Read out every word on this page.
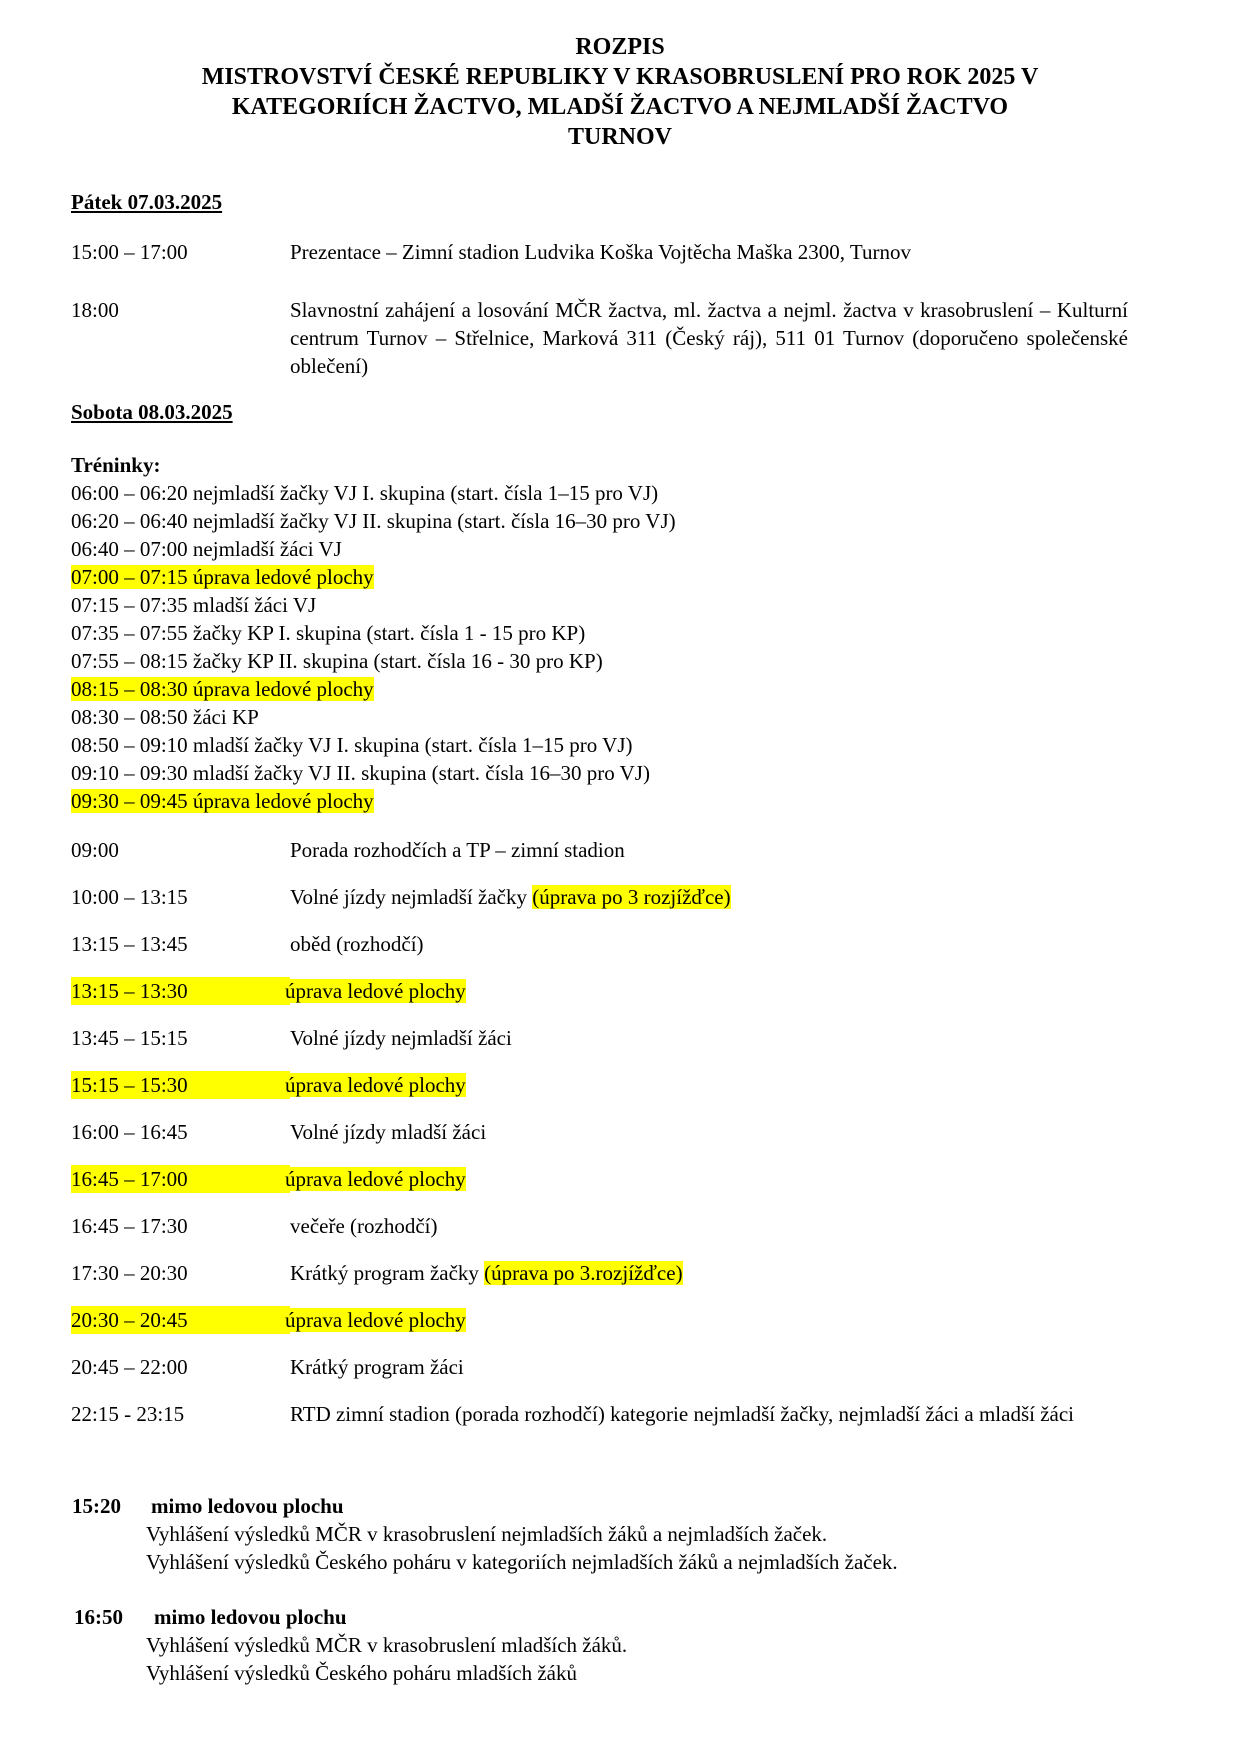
ROZPIS
MISTROVSTVÍ ČESKÉ REPUBLIKY V KRASOBRUSLENÍ PRO ROK 2025 V
KATEGORIÍCH ŽACTVO, MLADŠÍ ŽACTVO A NEJMLADŠÍ ŽACTVO
TURNOV
Pátek 07.03.2025
15:00 – 17:00	Prezentace – Zimní stadion Ludvika Koška Vojtěcha Maška 2300, Turnov
18:00	Slavnostní zahájení a losování MČR žactva, ml. žactva a nejml. žactva v krasobruslení – Kulturní centrum Turnov – Střelnice, Marková 311 (Český ráj), 511 01 Turnov (doporučeno společenské oblečení)
Sobota 08.03.2025
Tréninky:
06:00 – 06:20 nejmladší žačky VJ I. skupina (start. čísla 1–15 pro VJ)
06:20 – 06:40 nejmladší žačky VJ II. skupina (start. čísla 16–30 pro VJ)
06:40 – 07:00 nejmladší žáci VJ
07:00 – 07:15 úprava ledové plochy
07:15 – 07:35 mladší žáci VJ
07:35 – 07:55 žačky KP I. skupina (start. čísla 1 - 15 pro KP)
07:55 – 08:15 žačky KP II. skupina (start. čísla 16 - 30 pro KP)
08:15 – 08:30 úprava ledové plochy
08:30 – 08:50 žáci KP
08:50 – 09:10 mladší žačky VJ I. skupina (start. čísla 1–15 pro VJ)
09:10 – 09:30 mladší žačky VJ II. skupina (start. čísla 16–30 pro VJ)
09:30 – 09:45 úprava ledové plochy
09:00	Porada rozhodčích a TP – zimní stadion
10:00 – 13:15	Volné jízdy nejmladší žačky (úprava po 3 rozjížďce)
13:15 – 13:45	oběd (rozhodčí)
13:15 – 13:30	úprava ledové plochy
13:45 – 15:15	Volné jízdy nejmladší žáci
15:15 – 15:30	úprava ledové plochy
16:00 – 16:45	Volné jízdy mladší žáci
16:45 – 17:00	úprava ledové plochy
16:45 – 17:30	večeře (rozhodčí)
17:30 – 20:30	Krátký program žačky (úprava po 3.rozjížďce)
20:30 – 20:45	úprava ledové plochy
20:45 – 22:00	Krátký program žáci
22:15 - 23:15	RTD zimní stadion (porada rozhodčí) kategorie nejmladší žačky, nejmladší žáci a mladší žáci
15:20 mimo ledovou plochu
Vyhlášení výsledků MČR v krasobruslení nejmladších žáků a nejmladších žaček.
Vyhlášení výsledků Českého poháru v kategoriích nejmladších žáků a nejmladších žaček.
16:50 mimo ledovou plochu
Vyhlášení výsledků MČR v krasobruslení mladších žáků.
Vyhlášení výsledků Českého poháru mladších žáků
